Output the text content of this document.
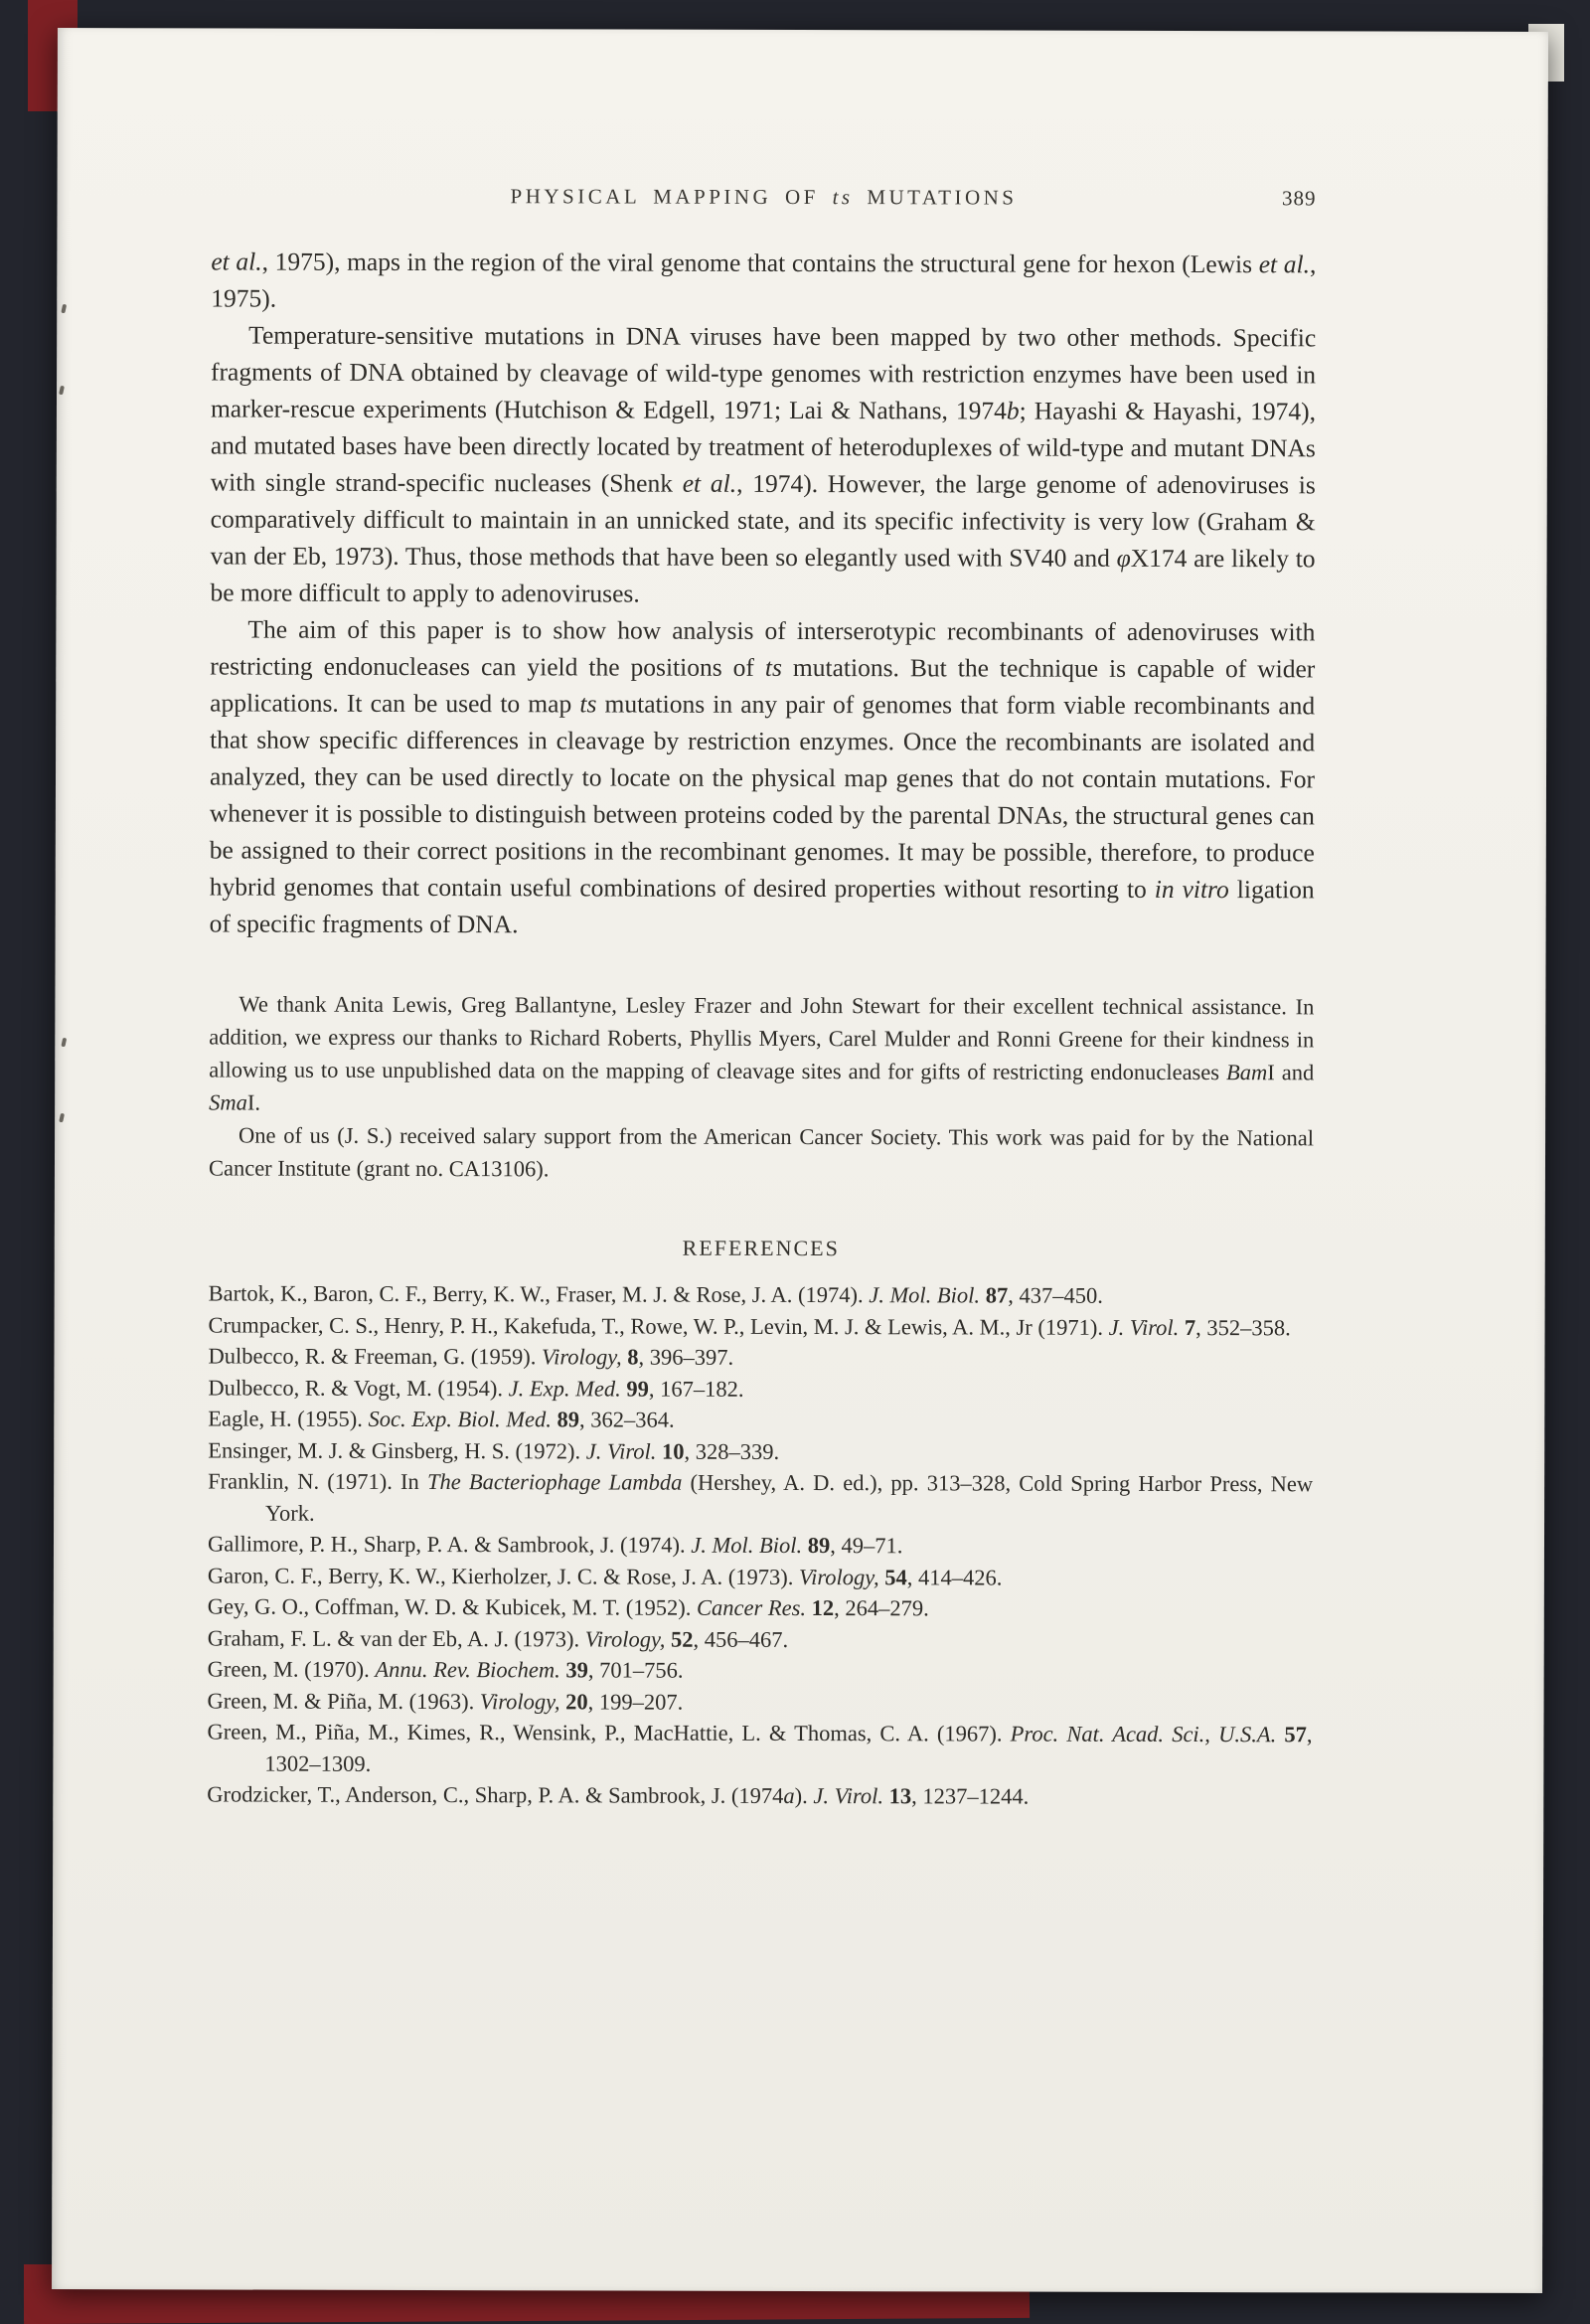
PHYSICAL MAPPING OF ts MUTATIONS	389

et al., 1975), maps in the region of the viral genome that contains the structural gene for hexon (Lewis et al., 1975).

Temperature-sensitive mutations in DNA viruses have been mapped by two other methods. Specific fragments of DNA obtained by cleavage of wild-type genomes with restriction enzymes have been used in marker-rescue experiments (Hutchison & Edgell, 1971; Lai & Nathans, 1974b; Hayashi & Hayashi, 1974), and mutated bases have been directly located by treatment of heteroduplexes of wild-type and mutant DNAs with single strand-specific nucleases (Shenk et al., 1974). However, the large genome of adenoviruses is comparatively difficult to maintain in an unnicked state, and its specific infectivity is very low (Graham & van der Eb, 1973). Thus, those methods that have been so elegantly used with SV40 and φX174 are likely to be more difficult to apply to adenoviruses.

The aim of this paper is to show how analysis of interserotypic recombinants of adenoviruses with restricting endonucleases can yield the positions of ts mutations. But the technique is capable of wider applications. It can be used to map ts mutations in any pair of genomes that form viable recombinants and that show specific differences in cleavage by restriction enzymes. Once the recombinants are isolated and analyzed, they can be used directly to locate on the physical map genes that do not contain mutations. For whenever it is possible to distinguish between proteins coded by the parental DNAs, the structural genes can be assigned to their correct positions in the recombinant genomes. It may be possible, therefore, to produce hybrid genomes that contain useful combinations of desired properties without resorting to in vitro ligation of specific fragments of DNA.

We thank Anita Lewis, Greg Ballantyne, Lesley Frazer and John Stewart for their excellent technical assistance. In addition, we express our thanks to Richard Roberts, Phyllis Myers, Carel Mulder and Ronni Greene for their kindness in allowing us to use unpublished data on the mapping of cleavage sites and for gifts of restricting endonucleases BamI and SmaI.

One of us (J. S.) received salary support from the American Cancer Society. This work was paid for by the National Cancer Institute (grant no. CA13106).

REFERENCES

Bartok, K., Baron, C. F., Berry, K. W., Fraser, M. J. & Rose, J. A. (1974). J. Mol. Biol. 87, 437–450.

Crumpacker, C. S., Henry, P. H., Kakefuda, T., Rowe, W. P., Levin, M. J. & Lewis, A. M., Jr (1971). J. Virol. 7, 352–358.

Dulbecco, R. & Freeman, G. (1959). Virology, 8, 396–397.

Dulbecco, R. & Vogt, M. (1954). J. Exp. Med. 99, 167–182.

Eagle, H. (1955). Soc. Exp. Biol. Med. 89, 362–364.

Ensinger, M. J. & Ginsberg, H. S. (1972). J. Virol. 10, 328–339.

Franklin, N. (1971). In The Bacteriophage Lambda (Hershey, A. D. ed.), pp. 313–328, Cold Spring Harbor Press, New York.

Gallimore, P. H., Sharp, P. A. & Sambrook, J. (1974). J. Mol. Biol. 89, 49–71.

Garon, C. F., Berry, K. W., Kierholzer, J. C. & Rose, J. A. (1973). Virology, 54, 414–426.

Gey, G. O., Coffman, W. D. & Kubicek, M. T. (1952). Cancer Res. 12, 264–279.

Graham, F. L. & van der Eb, A. J. (1973). Virology, 52, 456–467.

Green, M. (1970). Annu. Rev. Biochem. 39, 701–756.

Green, M. & Piña, M. (1963). Virology, 20, 199–207.

Green, M., Piña, M., Kimes, R., Wensink, P., MacHattie, L. & Thomas, C. A. (1967). Proc. Nat. Acad. Sci., U.S.A. 57, 1302–1309.

Grodzicker, T., Anderson, C., Sharp, P. A. & Sambrook, J. (1974a). J. Virol. 13, 1237–1244.
